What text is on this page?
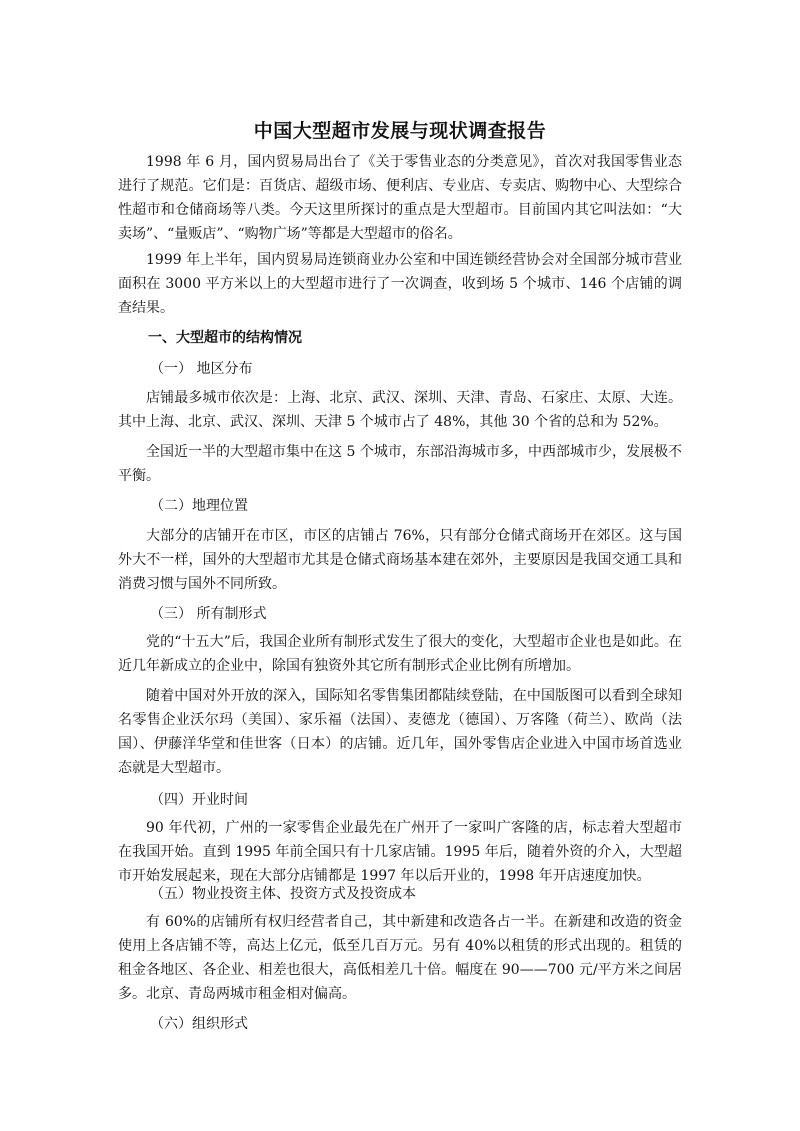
中国大型超市发展与现状调查报告

1998 年 6 月，国内贸易局出台了《关于零售业态的分类意见》，首次对我国零售业态进行了规范。它们是：百货店、超级市场、便利店、专业店、专卖店、购物中心、大型综合性超市和仓储商场等八类。今天这里所探讨的重点是大型超市。目前国内其它叫法如：“大卖场”、“量贩店”、“购物广场”等都是大型超市的俗名。

1999 年上半年，国内贸易局连锁商业办公室和中国连锁经营协会对全国部分城市营业面积在 3000 平方米以上的大型超市进行了一次调查，收到场 5 个城市、146 个店铺的调查结果。

一、大型超市的结构情况
（一） 地区分布

店铺最多城市依次是：上海、北京、武汉、深圳、天津、青岛、石家庄、太原、大连。其中上海、北京、武汉、深圳、天津 5 个城市占了 48%，其他 30 个省的总和为 52%。

全国近一半的大型超市集中在这 5 个城市，东部沿海城市多，中西部城市少，发展极不平衡。

（二）地理位置

大部分的店铺开在市区，市区的店铺占 76%，只有部分仓储式商场开在郊区。这与国外大不一样，国外的大型超市尤其是仓储式商场基本建在郊外，主要原因是我国交通工具和消费习惯与国外不同所致。

（三） 所有制形式

党的“十五大”后，我国企业所有制形式发生了很大的变化，大型超市企业也是如此。在近几年新成立的企业中，除国有独资外其它所有制形式企业比例有所增加。

随着中国对外开放的深入，国际知名零售集团都陆续登陆，在中国版图可以看到全球知名零售企业沃尔玛（美国）、家乐福（法国）、麦德龙（德国）、万客隆（荷兰）、欧尚（法国）、伊藤洋华堂和佳世客（日本）的店铺。近几年，国外零售店企业进入中国市场首选业态就是大型超市。

（四）开业时间

90 年代初，广州的一家零售企业最先在广州开了一家叫广客隆的店，标志着大型超市在我国开始。直到 1995 年前全国只有十几家店铺。1995 年后，随着外资的介入，大型超市开始发展起来，现在大部分店铺都是 1997 年以后开业的，1998 年开店速度加快。

（五）物业投资主体、投资方式及投资成本

有 60%的店铺所有权归经营者自己，其中新建和改造各占一半。在新建和改造的资金使用上各店铺不等，高达上亿元，低至几百万元。另有 40%以租赁的形式出现的。租赁的租金各地区、各企业、相差也很大，高低相差几十倍。幅度在 90——700 元/平方米之间居多。北京、青岛两城市租金相对偏高。

（六）组织形式
